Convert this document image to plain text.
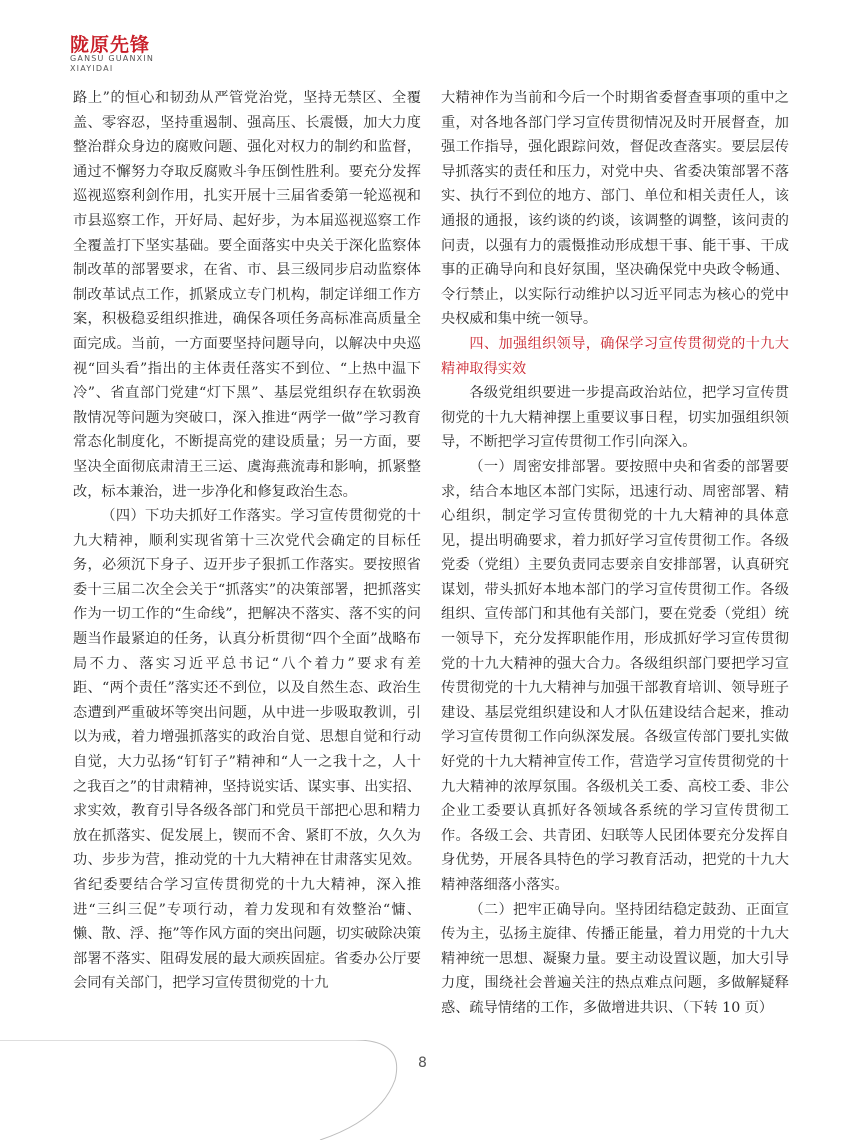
陇原先锋
GANSU GUANXIN
XIAYIDAI

路上”的恒心和韧劲从严管党治党，坚持无禁区、全覆盖、零容忍，坚持重遏制、强高压、长震慑，加大力度整治群众身边的腐败问题、强化对权力的制约和监督，通过不懈努力夺取反腐败斗争压倒性胜利。要充分发挥巡视巡察利剑作用，扎实开展十三届省委第一轮巡视和市县巡察工作，开好局、起好步，为本届巡视巡察工作全覆盖打下坚实基础。要全面落实中央关于深化监察体制改革的部署要求，在省、市、县三级同步启动监察体制改革试点工作，抓紧成立专门机构，制定详细工作方案，积极稳妥组织推进，确保各项任务高标准高质量全面完成。当前，一方面要坚持问题导向，以解决中央巡视“回头看”指出的主体责任落实不到位、“上热中温下冷”、省直部门党建“灯下黑”、基层党组织存在软弱涣散情况等问题为突破口，深入推进“两学一做”学习教育常态化制度化，不断提高党的建设质量；另一方面，要坚决全面彻底肃清王三运、虞海燕流毒和影响，抓紧整改，标本兼治，进一步净化和修复政治生态。

（四）下功夫抓好工作落实。学习宣传贯彻党的十九大精神，顺利实现省第十三次党代会确定的目标任务，必须沉下身子、迈开步子狠抓工作落实。要按照省委十三届二次全会关于“抓落实”的决策部署，把抓落实作为一切工作的“生命线”，把解决不落实、落不实的问题当作最紧迫的任务，认真分析贯彻“四个全面”战略布局不力、落实习近平总书记“八个着力”要求有差距、“两个责任”落实还不到位，以及自然生态、政治生态遭到严重破坏等突出问题，从中进一步吸取教训，引以为戒，着力增强抓落实的政治自觉、思想自觉和行动自觉，大力弘扬“钉钉子”精神和“人一之我十之，人十之我百之”的甘肃精神，坚持说实话、谋实事、出实招、求实效，教育引导各级各部门和党员干部把心思和精力放在抓落实、促发展上，锲而不舍、紧盯不放，久久为功、步步为营，推动党的十九大精神在甘肃落实见效。省纪委要结合学习宣传贯彻党的十九大精神，深入推进“三纠三促”专项行动，着力发现和有效整治“慵、懒、散、浮、拖”等作风方面的突出问题，切实破除决策部署不落实、阻碍发展的最大顽疾固症。省委办公厅要会同有关部门，把学习宣传贯彻党的十九

大精神作为当前和今后一个时期省委督查事项的重中之重，对各地各部门学习宣传贯彻情况及时开展督查，加强工作指导，强化跟踪问效，督促改查落实。要层层传导抓落实的责任和压力，对党中央、省委决策部署不落实、执行不到位的地方、部门、单位和相关责任人，该通报的通报，该约谈的约谈，该调整的调整，该问责的问责，以强有力的震慑推动形成想干事、能干事、干成事的正确导向和良好氛围，坚决确保党中央政令畅通、令行禁止，以实际行动维护以习近平同志为核心的党中央权威和集中统一领导。

四、加强组织领导，确保学习宣传贯彻党的十九大精神取得实效

各级党组织要进一步提高政治站位，把学习宣传贯彻党的十九大精神摆上重要议事日程，切实加强组织领导，不断把学习宣传贯彻工作引向深入。

（一）周密安排部署。要按照中央和省委的部署要求，结合本地区本部门实际，迅速行动、周密部署、精心组织，制定学习宣传贯彻党的十九大精神的具体意见，提出明确要求，着力抓好学习宣传贯彻工作。各级党委（党组）主要负责同志要亲自安排部署，认真研究谋划，带头抓好本地本部门的学习宣传贯彻工作。各级组织、宣传部门和其他有关部门，要在党委（党组）统一领导下，充分发挥职能作用，形成抓好学习宣传贯彻党的十九大精神的强大合力。各级组织部门要把学习宣传贯彻党的十九大精神与加强干部教育培训、领导班子建设、基层党组织建设和人才队伍建设结合起来，推动学习宣传贯彻工作向纵深发展。各级宣传部门要扎实做好党的十九大精神宣传工作，营造学习宣传贯彻党的十九大精神的浓厚氛围。各级机关工委、高校工委、非公企业工委要认真抓好各领域各系统的学习宣传贯彻工作。各级工会、共青团、妇联等人民团体要充分发挥自身优势，开展各具特色的学习教育活动，把党的十九大精神落细落小落实。

（二）把牢正确导向。坚持团结稳定鼓劲、正面宣传为主，弘扬主旋律、传播正能量，着力用党的十九大精神统一思想、凝聚力量。要主动设置议题，加大引导力度，围绕社会普遍关注的热点难点问题，多做解疑释惑、疏导情绪的工作，多做增进共识、（下转 10 页）

8
